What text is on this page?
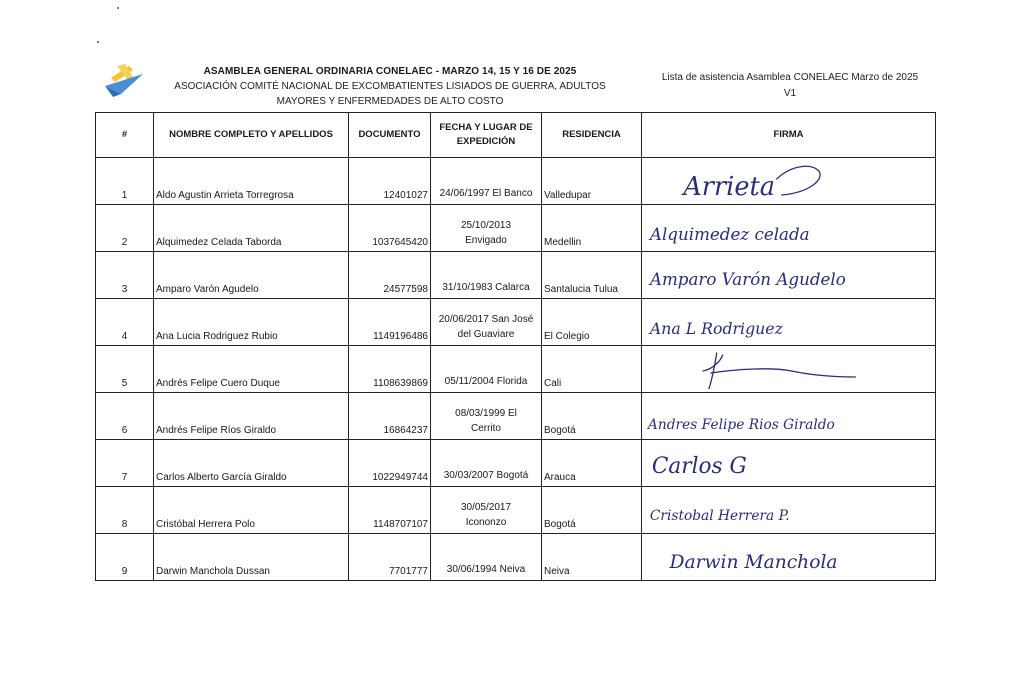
ASAMBLEA GENERAL ORDINARIA CONELAEC - MARZO 14, 15 Y 16 DE 2025
ASOCIACIÓN COMITÉ NACIONAL DE EXCOMBATIENTES LISIADOS DE GUERRA, ADULTOS
MAYORES Y ENFERMEDADES DE ALTO COSTO
Lista de asistencia Asamblea CONELAEC Marzo de 2025
V1
#	NOMBRE COMPLETO Y APELLIDOS	DOCUMENTO	FECHA Y LUGAR DE
EXPEDICIÓN	RESIDENCIA	FIRMA
1	Aldo Agustin Arrieta Torregrosa	12401027	24/06/1997 El Banco	Valledupar	Arrieta

2	Alquimedez Celada Taborda	1037645420	25/10/2013
Envigado	Medellin	Alquimedez celada

3	Amparo Varón Agudelo	24577598	31/10/1983 Calarca	Santalucia Tulua	Amparo Varón Agudelo

4	Ana Lucia Rodriguez Rubio	1149196486	20/06/2017 San José
del Guaviare	El Colegio	Ana L Rodriguez

5	Andrés Felipe Cuero Duque	1108639869	05/11/2004 Florida	Cali	

6	Andrés Felipe Ríos Giraldo	16864237	08/03/1999 El
Cerrito	Bogotá	Andres Felipe Rios Giraldo

7	Carlos Alberto García Giraldo	1022949744	30/03/2007 Bogotá	Arauca	Carlos G

8	Cristóbal Herrera Polo	1148707107	30/05/2017
Icononzo	Bogotá	Cristobal Herrera P.

9	Darwin Manchola Dussan	7701777	30/06/1994 Neiva	Neiva	Darwin Manchola
